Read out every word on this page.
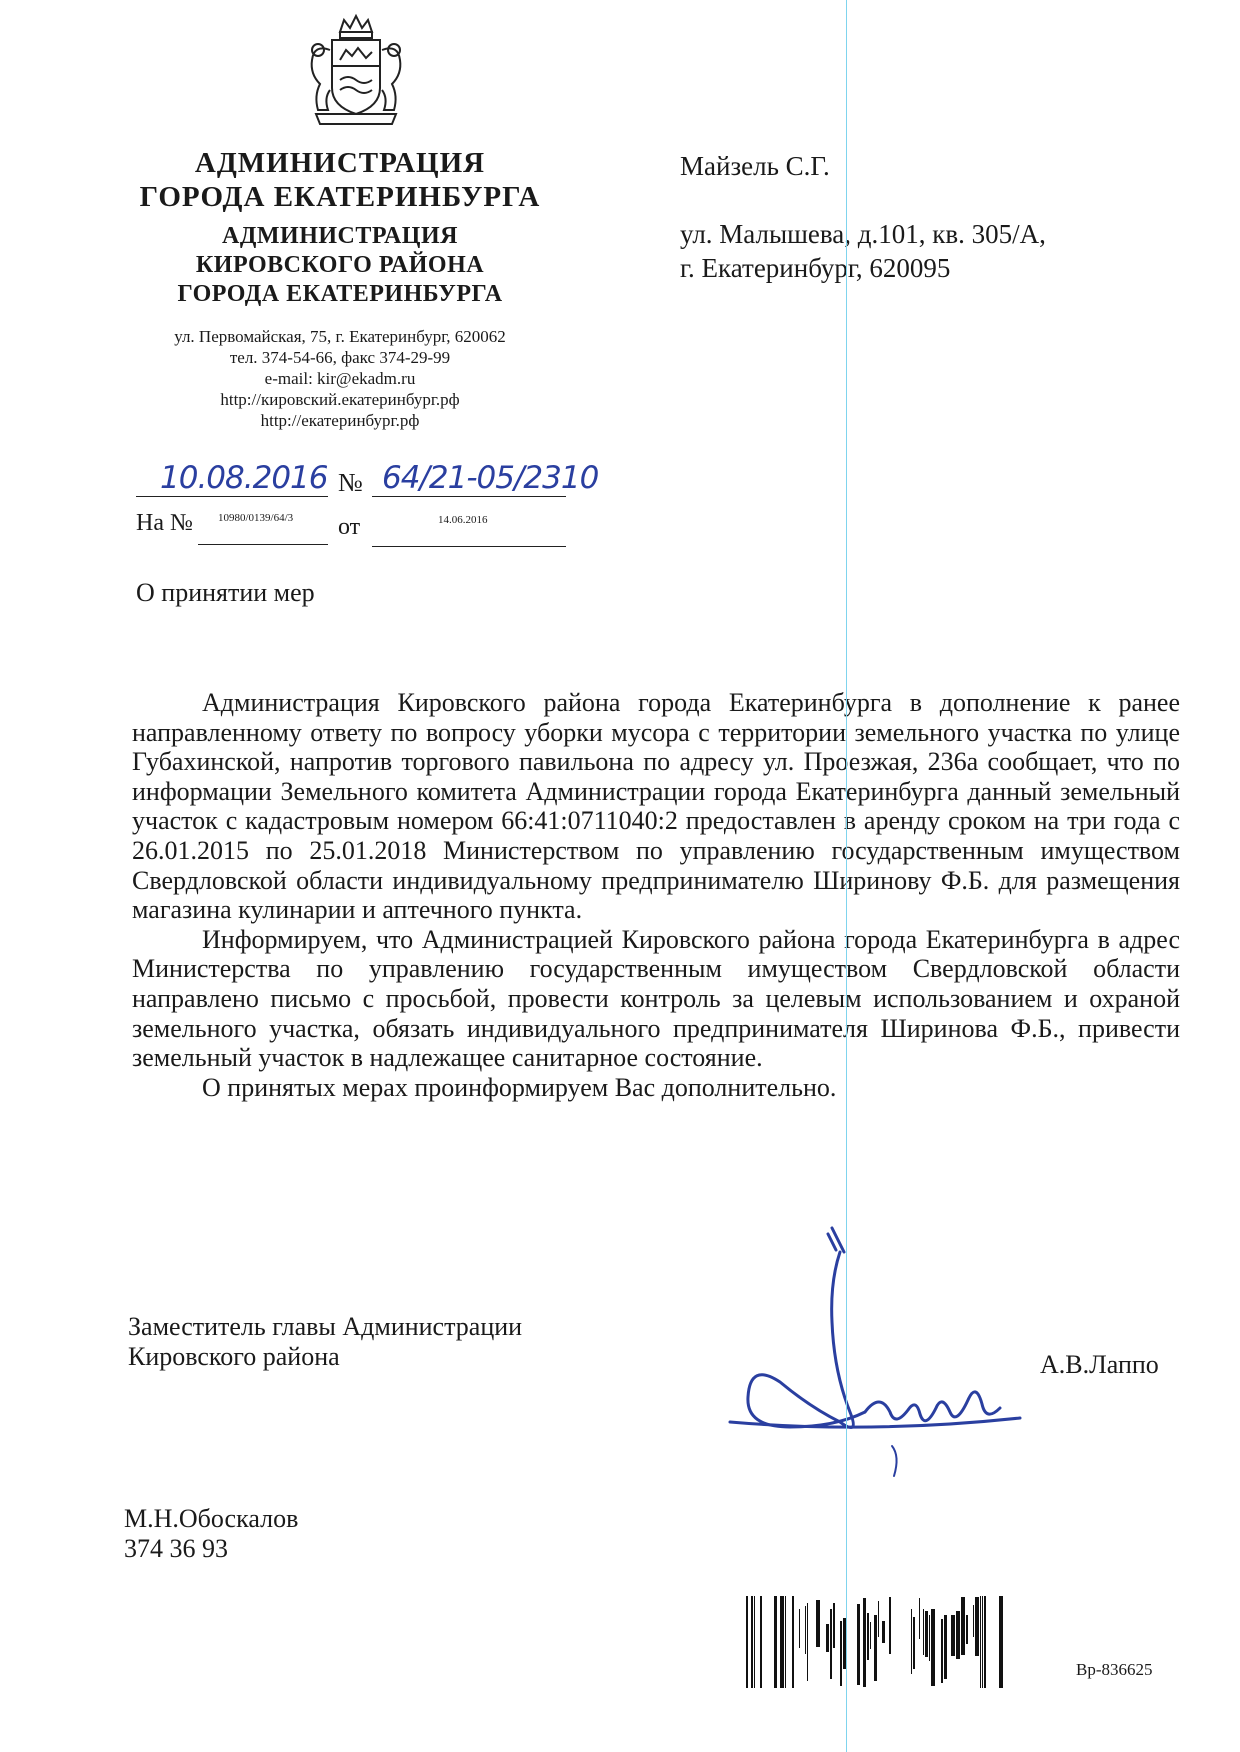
АДМИНИСТРАЦИЯ
ГОРОДА ЕКАТЕРИНБУРГА
АДМИНИСТРАЦИЯ
КИРОВСКОГО РАЙОНА
ГОРОДА ЕКАТЕРИНБУРГА
ул. Первомайская, 75, г. Екатеринбург, 620062
тел. 374-54-66, факс 374-29-99
e-mail: kir@ekadm.ru
http://кировский.екатеринбург.рф
http://екатеринбург.рф
10.08.2016 № 64/21-05/2310
На № 10980/0139/64/3 от	14.06.2016
Майзель С.Г.
ул. Малышева, д.101, кв. 305/А,
г. Екатеринбург, 620095
О принятии мер

Администрация Кировского района города Екатеринбурга в дополнение к ранее направленному ответу по вопросу уборки мусора с территории земельного участка по улице Губахинской, напротив торгового павильона по адресу ул. Проезжая, 236а сообщает, что по информации Земельного комитета Администрации города Екатеринбурга данный земельный участок с кадастровым номером 66:41:0711040:2 предоставлен в аренду сроком на три года с 26.01.2015 по 25.01.2018 Министерством по управлению государственным имуществом Свердловской области индивидуальному предпринимателю Ширинову Ф.Б. для размещения магазина кулинарии и аптечного пункта.

Информируем, что Администрацией Кировского района города Екатеринбурга в адрес Министерства по управлению государственным имуществом Свердловской области направлено письмо с просьбой, провести контроль за целевым использованием и охраной земельного участка, обязать индивидуального предпринимателя Ширинова Ф.Б., привести земельный участок в надлежащее санитарное состояние.

О принятых мерах проинформируем Вас дополнительно.

Заместитель главы Администрации
Кировского района	А.В.Лаппо
М.Н.Обоскалов
374 36 93
Вр-836625
